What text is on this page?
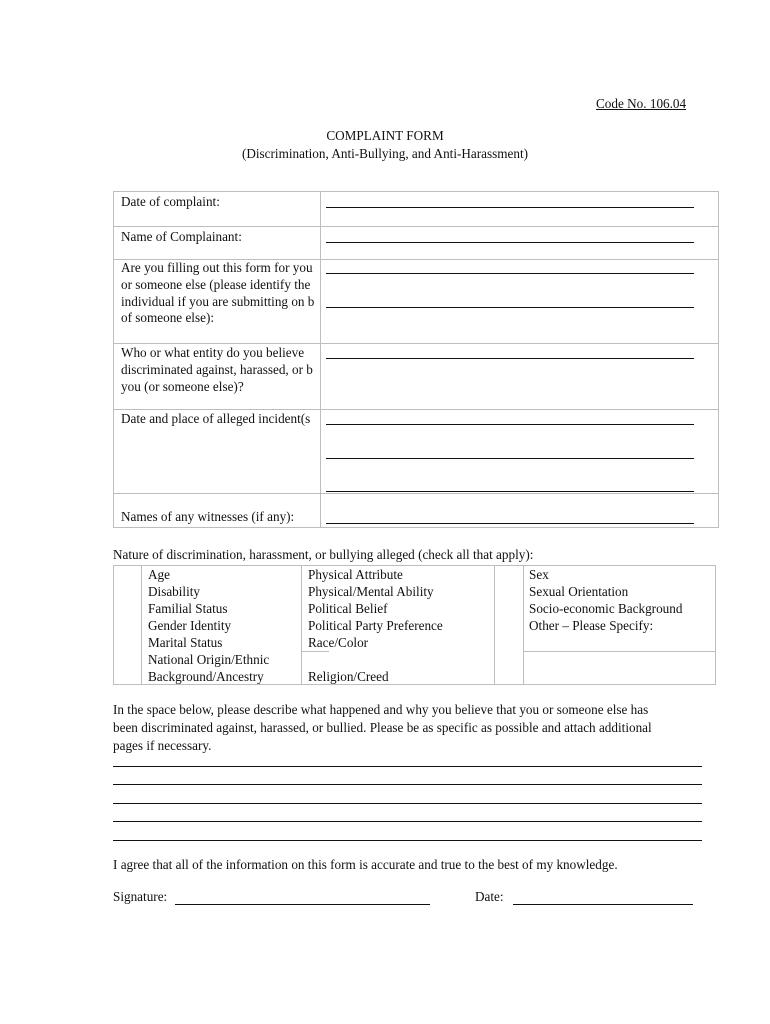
Code No. 106.04
COMPLAINT FORM
(Discrimination, Anti-Bullying, and Anti-Harassment)
Date of complaint:
Name of Complainant:
Are you filling out this form for you
or someone else (please identify the
individual if you are submitting on b
of someone else):
Who or what entity do you believe
discriminated against, harassed, or b
you (or someone else)?
Date and place of alleged incident(s
Names of any witnesses (if any):
Nature of discrimination, harassment, or bullying alleged (check all that apply):
Age
Disability
Familial Status
Gender Identity
Marital Status
National Origin/Ethnic
Background/Ancestry
Physical Attribute
Physical/Mental Ability
Political Belief
Political Party Preference
Race/Color
Religion/Creed
Sex
Sexual Orientation
Socio-economic Background
Other – Please Specify:
In the space below, please describe what happened and why you believe that you or someone else has
been discriminated against, harassed, or bullied. Please be as specific as possible and attach additional
pages if necessary.
I agree that all of the information on this form is accurate and true to the best of my knowledge.
Signature:	Date:
